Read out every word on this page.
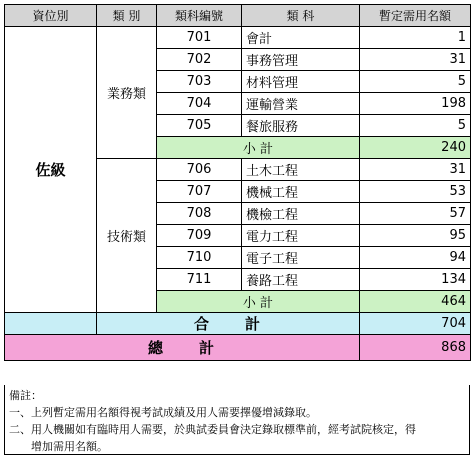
資位別	類 別	類科編號	類 科	暫定需用名額
佐級	業務類	701	會計	1
		702	事務管理	31
		703	材料管理	5
		704	運輸營業	198
		705	餐旅服務	5
		小 計		240
	技術類	706	土木工程	31
		707	機械工程	53
		708	機檢工程	57
		709	電力工程	95
		710	電子工程	94
		711	養路工程	134
		小 計		464
	合　　計			704
總　　計				868
備註：
一、上列暫定需用名額得視考試成績及用人需要擇優增減錄取。
二、用人機關如有臨時用人需要，於典試委員會決定錄取標準前，經考試院核定，得
　　增加需用名額。
